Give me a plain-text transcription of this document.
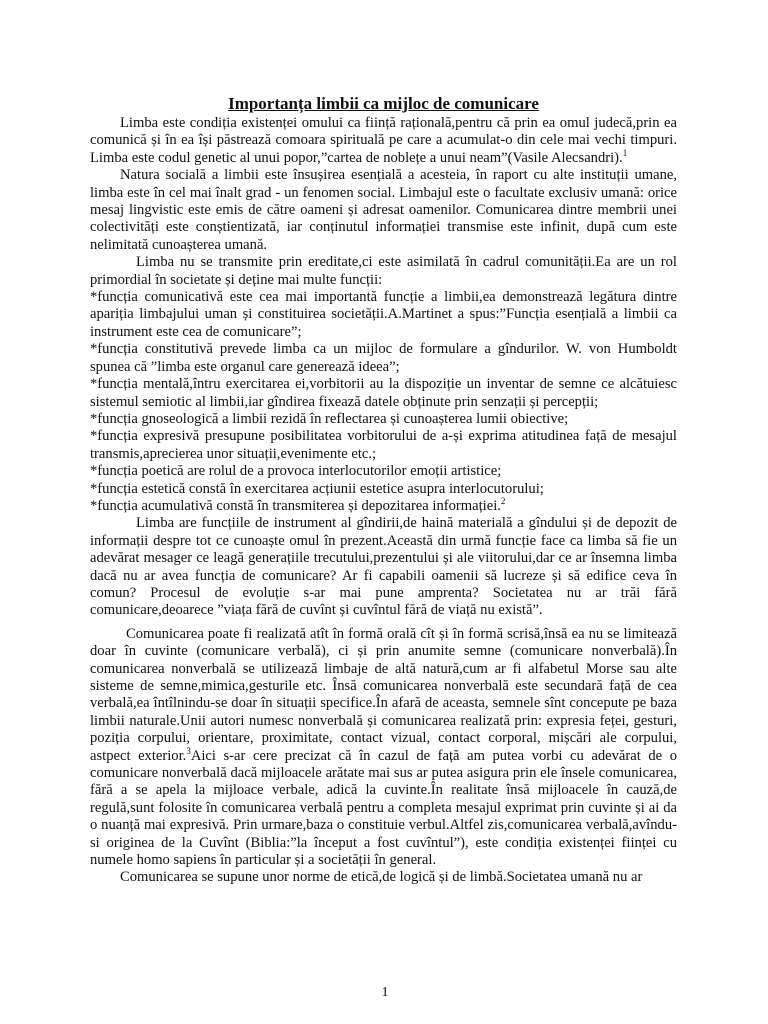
Importanța limbii ca mijloc de comunicare

Limba este condiția existenței omului ca ființă rațională,pentru că prin ea omul judecă,prin ea comunică și în ea își păstrează comoara spirituală pe care a acumulat-o din cele mai vechi timpuri. Limba este codul genetic al unui popor,”cartea de noblețe a unui neam”(Vasile Alecsandri).$^1$

Natura socială a limbii este însușirea esențială a acesteia, în raport cu alte instituții umane, limba este în cel mai înalt grad - un fenomen social. Limbajul este o facultate exclusiv umană: orice mesaj lingvistic este emis de către oameni și adresat oamenilor. Comunicarea dintre membrii unei colectivități este conștientizată, iar conținutul informației transmise este infinit, după cum este nelimitată cunoașterea umană.

Limba nu se transmite prin ereditate,ci este asimilată în cadrul comunității.Ea are un rol primordial în societate și deține mai multe funcții:

*funcția comunicativă este cea mai importantă funcție a limbii,ea demonstrează legătura dintre apariția limbajului uman și constituirea societății.A.Martinet a spus:”Funcția esențială a limbii ca instrument este cea de comunicare”;

*funcția constitutivă prevede limba ca un mijloc de formulare a gîndurilor. W. von Humboldt spunea că ”limba este organul care generează ideea”;

*funcția mentală,întru exercitarea ei,vorbitorii au la dispoziție un inventar de semne ce alcătuiesc sistemul semiotic al limbii,iar gîndirea fixează datele obținute prin senzații și percepții;

*funcția gnoseologică a limbii rezidă în reflectarea și cunoașterea lumii obiective;

*funcția expresivă presupune posibilitatea vorbitorului de a-și exprima atitudinea față de mesajul transmis,aprecierea unor situații,evenimente etc.;

*funcția poetică are rolul de a provoca interlocutorilor emoții artistice;

*funcția estetică constă în exercitarea acțiunii estetice asupra interlocutorului;

*funcția acumulativă constă în transmiterea și depozitarea informației.$^2$

Limba are funcțiile de instrument al gîndirii,de haină materială a gîndului și de depozit de informații despre tot ce cunoaște omul în prezent.Această din urmă funcție face ca limba să fie un adevărat mesager ce leagă generațiile trecutului,prezentului și ale viitorului,dar ce ar însemna limba dacă nu ar avea funcția de comunicare? Ar fi capabili oamenii să lucreze și să edifice ceva în comun? Procesul de evoluție s-ar mai pune amprenta? Societatea nu ar trăi fără comunicare,deoarece ”viața fără de cuvînt și cuvîntul fără de viață nu există”.

Comunicarea poate fi realizată atît în formă orală cît și în formă scrisă,însă ea nu se limitează doar în cuvinte (comunicare verbală), ci și prin anumite semne (comunicare nonverbală).În comunicarea nonverbală se utilizează limbaje de altă natură,cum ar fi alfabetul Morse sau alte sisteme de semne,mimica,gesturile etc. Însă comunicarea nonverbală este secundară față de cea verbală,ea întîlnindu-se doar în situații specifice.În afară de aceasta, semnele sînt concepute pe baza limbii naturale.Unii autori numesc nonverbală și comunicarea realizată prin: expresia feței, gesturi, poziția corpului, orientare, proximitate, contact vizual, contact corporal, mișcări ale corpului, astpect exterior.$^3$Aici s-ar cere precizat că în cazul de față am putea vorbi cu adevărat de o comunicare nonverbală dacă mijloacele arătate mai sus ar putea asigura prin ele însele comunicarea, fără a se apela la mijloace verbale, adică la cuvinte.În realitate însă mijloacele în cauză,de regulă,sunt folosite în comunicarea verbală pentru a completa mesajul exprimat prin cuvinte și ai da o nuanță mai expresivă. Prin urmare,baza o constituie verbul.Altfel zis,comunicarea verbală,avîndu-si originea de la Cuvînt (Biblia:”la început a fost cuvîntul”), este condiția existenței ființei cu numele homo sapiens în particular și a societății în general.

Comunicarea se supune unor norme de etică,de logică și de limbă.Societatea umană nu ar

1
